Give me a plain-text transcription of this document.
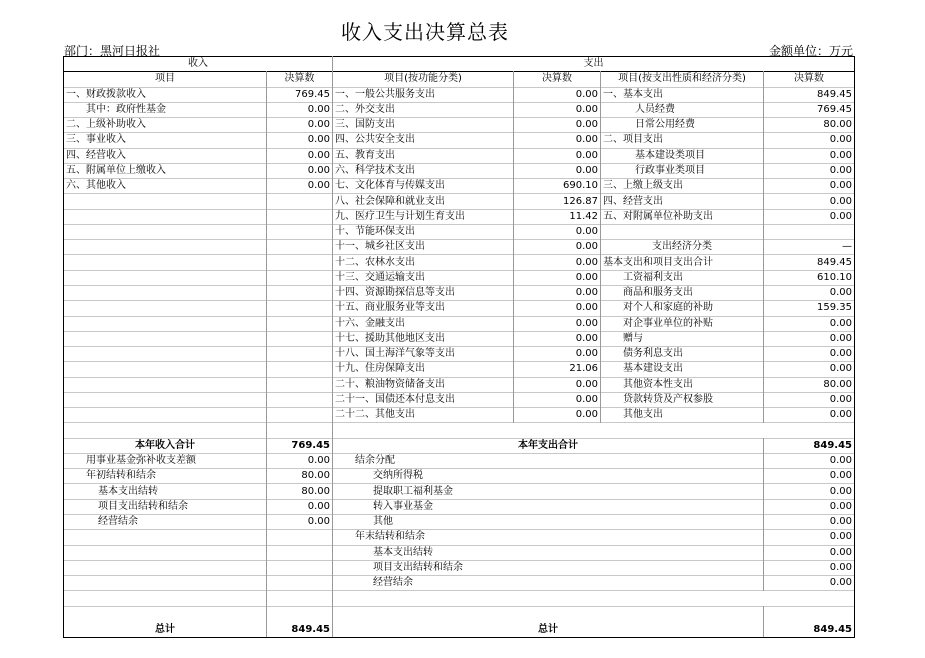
收入支出决算总表
部门：黑河日报社	金额单位：万元
收入		支出			
项目	决算数	项目(按功能分类)	决算数	项目(按支出性质和经济分类)	决算数
一、财政拨款收入	769.45	一、一般公共服务支出	0.00	一、基本支出	849.45
其中：政府性基金	0.00	二、外交支出	0.00	人员经费	769.45
二、上级补助收入	0.00	三、国防支出	0.00	日常公用经费	80.00
三、事业收入	0.00	四、公共安全支出	0.00	二、项目支出	0.00
四、经营收入	0.00	五、教育支出	0.00	基本建设类项目	0.00
五、附属单位上缴收入	0.00	六、科学技术支出	0.00	行政事业类项目	0.00
六、其他收入	0.00	七、文化体育与传媒支出	690.10	三、上缴上级支出	0.00
		八、社会保障和就业支出	126.87	四、经营支出	0.00
		九、医疗卫生与计划生育支出	11.42	五、对附属单位补助支出	0.00
		十、节能环保支出	0.00		
		十一、城乡社区支出	0.00	支出经济分类	—
		十二、农林水支出	0.00	基本支出和项目支出合计	849.45
		十三、交通运输支出	0.00	工资福利支出	610.10
		十四、资源勘探信息等支出	0.00	商品和服务支出	0.00
		十五、商业服务业等支出	0.00	对个人和家庭的补助	159.35
		十六、金融支出	0.00	对企事业单位的补贴	0.00
		十七、援助其他地区支出	0.00	赠与	0.00
		十八、国土海洋气象等支出	0.00	债务利息支出	0.00
		十九、住房保障支出	21.06	基本建设支出	0.00
		二十、粮油物资储备支出	0.00	其他资本性支出	80.00
		二十一、国债还本付息支出	0.00	贷款转贷及产权参股	0.00
		二十二、其他支出	0.00	其他支出	0.00

本年收入合计	769.45	本年支出合计			849.45
用事业基金弥补收支差额	0.00	结余分配			0.00
年初结转和结余	80.00	交纳所得税			0.00
基本支出结转	80.00	提取职工福利基金			0.00
项目支出结转和结余	0.00	转入事业基金			0.00
经营结余	0.00	其他			0.00
		年末结转和结余			0.00
		基本支出结转			0.00
		项目支出结转和结余			0.00
		经营结余			0.00

总计	849.45	总计			849.45
